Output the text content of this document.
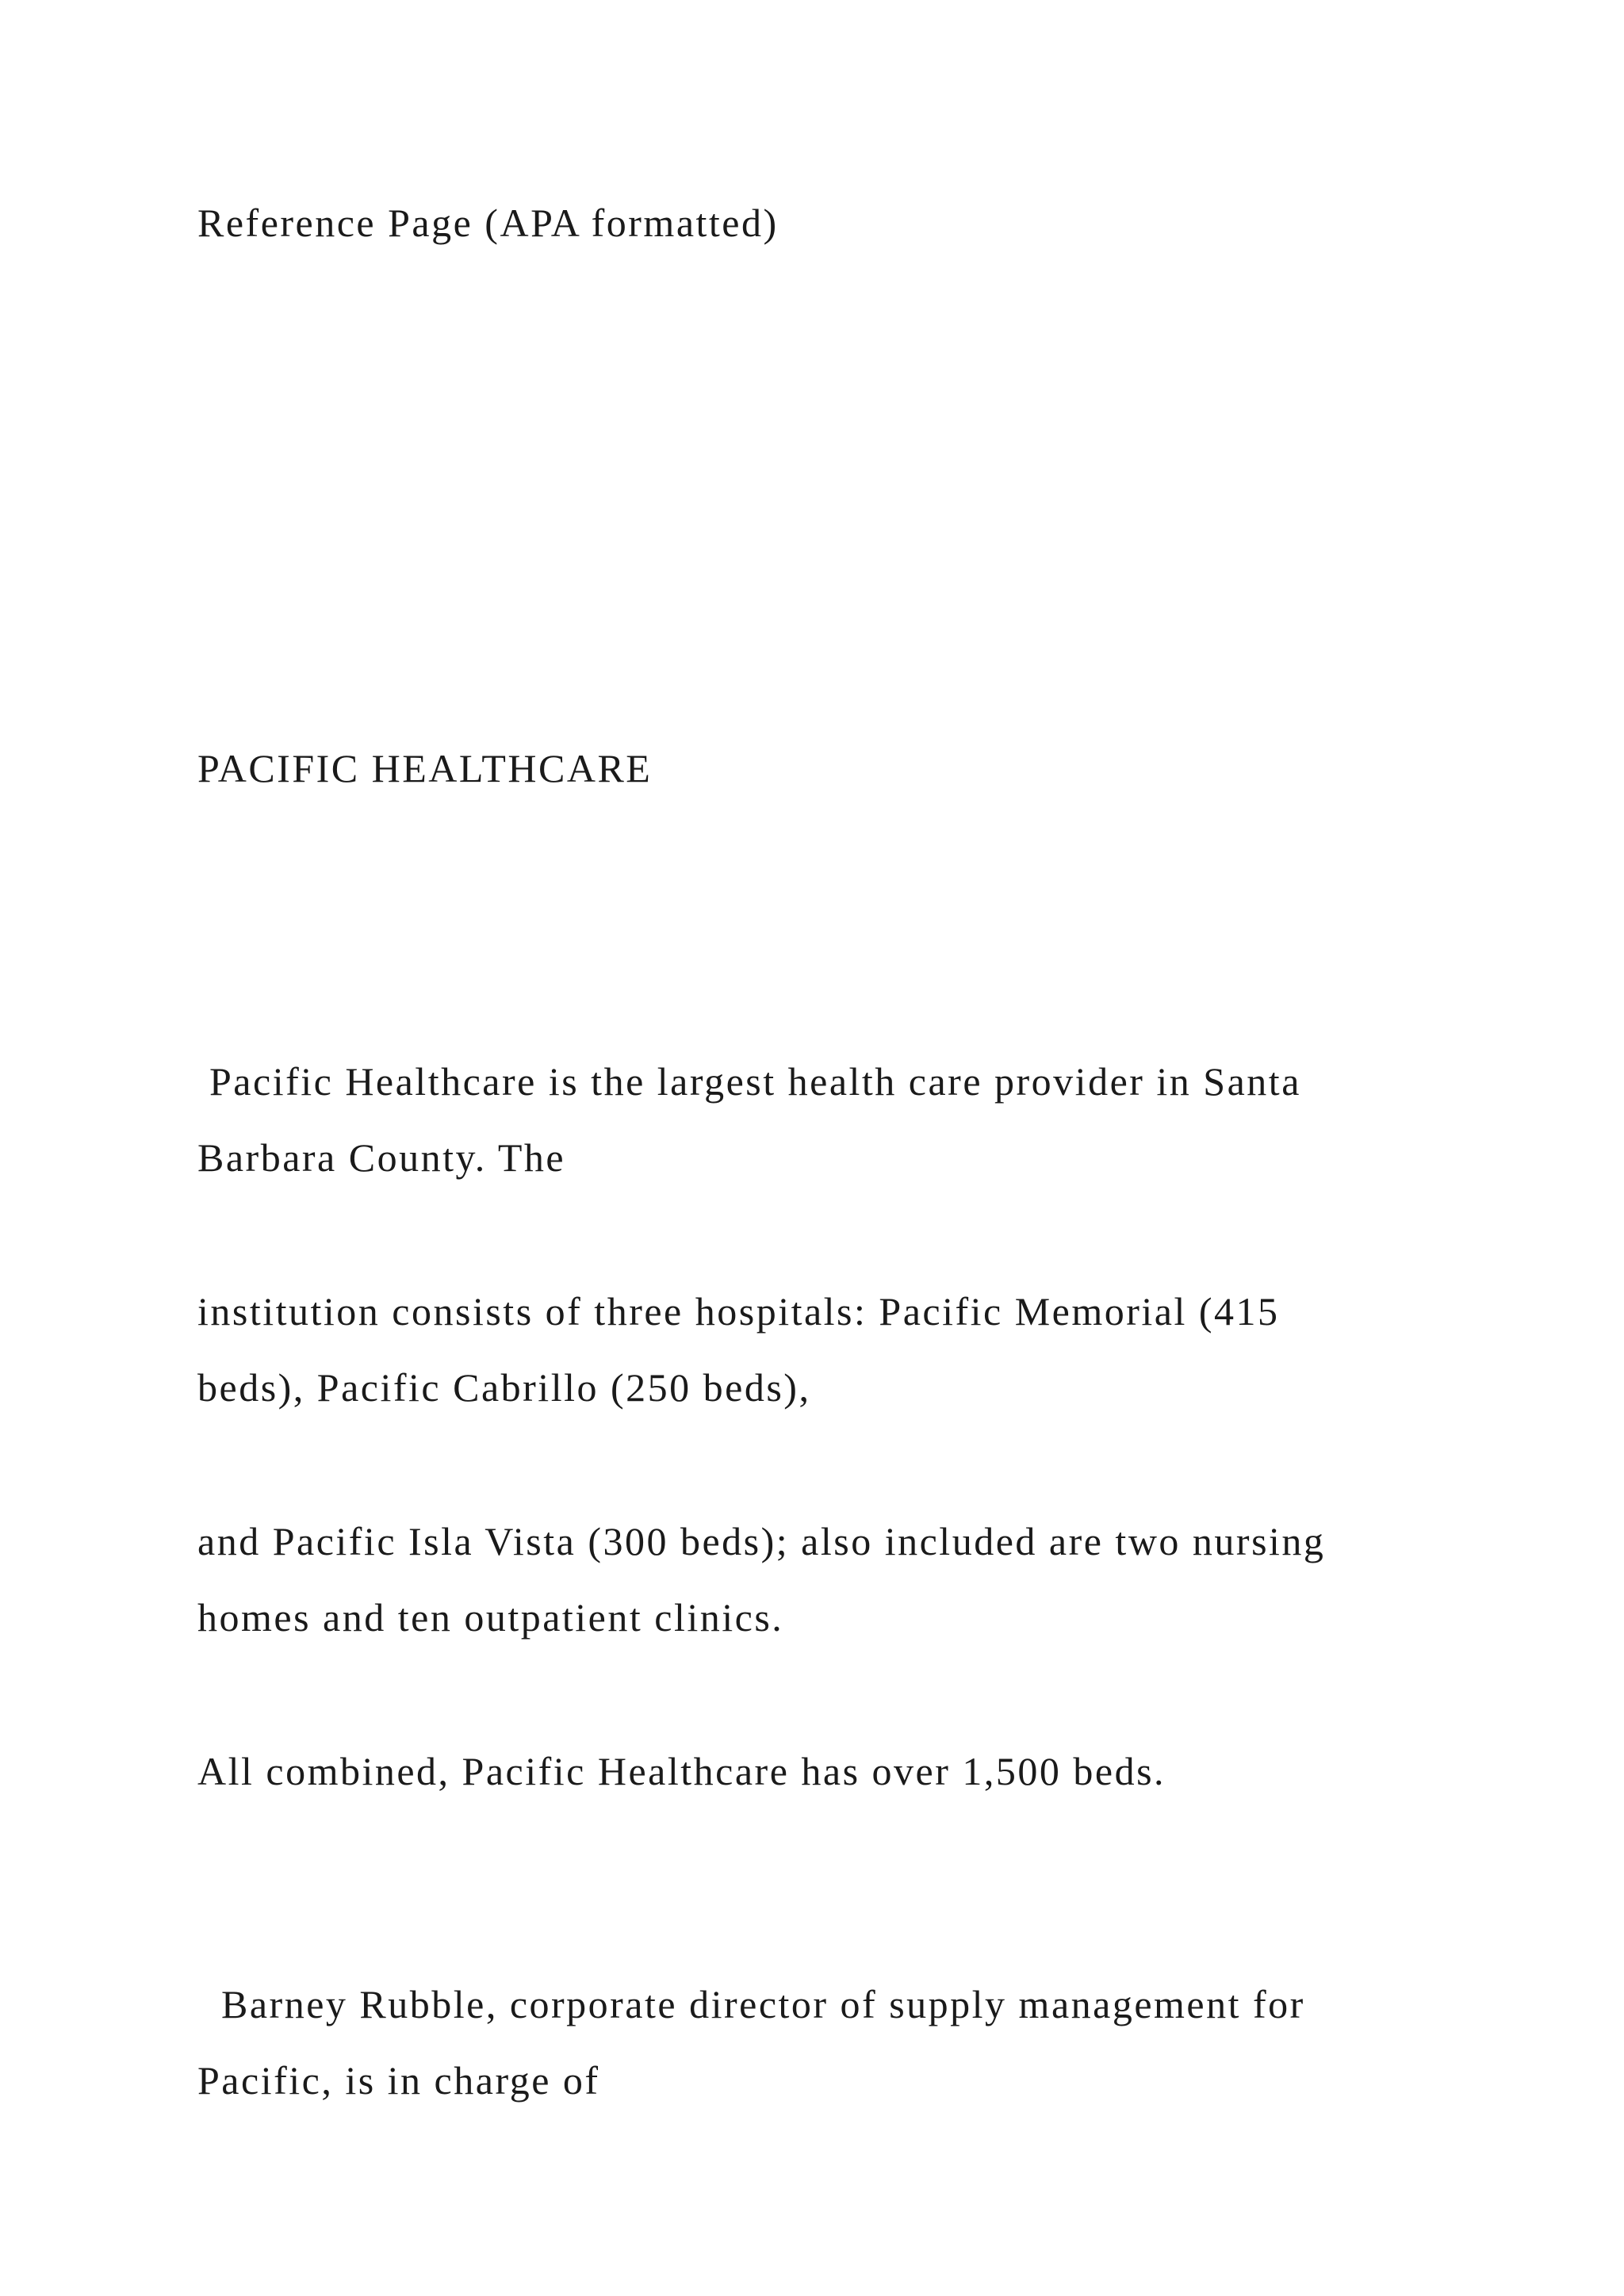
Reference Page (APA formatted)

PACIFIC HEALTHCARE

Pacific Healthcare is the largest health care provider in Santa

Barbara County. The

institution consists of three hospitals: Pacific Memorial (415

beds), Pacific Cabrillo (250 beds),

and Pacific Isla Vista (300 beds); also included are two nursing

homes and ten outpatient clinics.

All combined, Pacific Healthcare has over 1,500 beds.

Barney Rubble, corporate director of supply management for

Pacific, is in charge of
